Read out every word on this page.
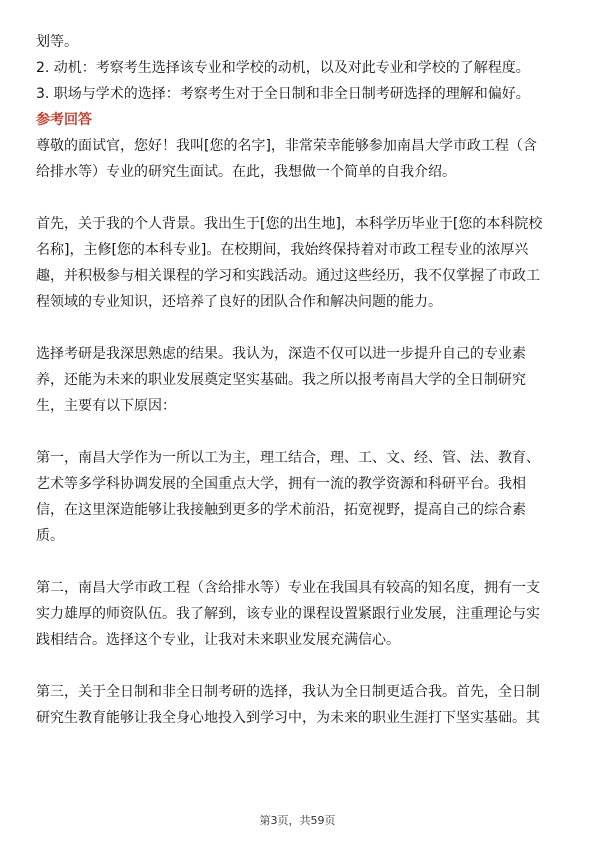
划等。
2. 动机：考察考生选择该专业和学校的动机，以及对此专业和学校的了解程度。
3. 职场与学术的选择：考察考生对于全日制和非全日制考研选择的理解和偏好。
参考回答
尊敬的面试官，您好！我叫[您的名字]，非常荣幸能够参加南昌大学市政工程（含
给排水等）专业的研究生面试。在此，我想做一个简单的自我介绍。
首先，关于我的个人背景。我出生于[您的出生地]，本科学历毕业于[您的本科院校
名称]，主修[您的本科专业]。在校期间，我始终保持着对市政工程专业的浓厚兴
趣，并积极参与相关课程的学习和实践活动。通过这些经历，我不仅掌握了市政工
程领域的专业知识，还培养了良好的团队合作和解决问题的能力。
选择考研是我深思熟虑的结果。我认为，深造不仅可以进一步提升自己的专业素
养，还能为未来的职业发展奠定坚实基础。我之所以报考南昌大学的全日制研究
生，主要有以下原因：
第一，南昌大学作为一所以工为主，理工结合，理、工、文、经、管、法、教育、
艺术等多学科协调发展的全国重点大学，拥有一流的教学资源和科研平台。我相
信，在这里深造能够让我接触到更多的学术前沿，拓宽视野，提高自己的综合素
质。
第二，南昌大学市政工程（含给排水等）专业在我国具有较高的知名度，拥有一支
实力雄厚的师资队伍。我了解到，该专业的课程设置紧跟行业发展，注重理论与实
践相结合。选择这个专业，让我对未来职业发展充满信心。
第三，关于全日制和非全日制考研的选择，我认为全日制更适合我。首先，全日制
研究生教育能够让我全身心地投入到学习中，为未来的职业生涯打下坚实基础。其
第3页，共59页
